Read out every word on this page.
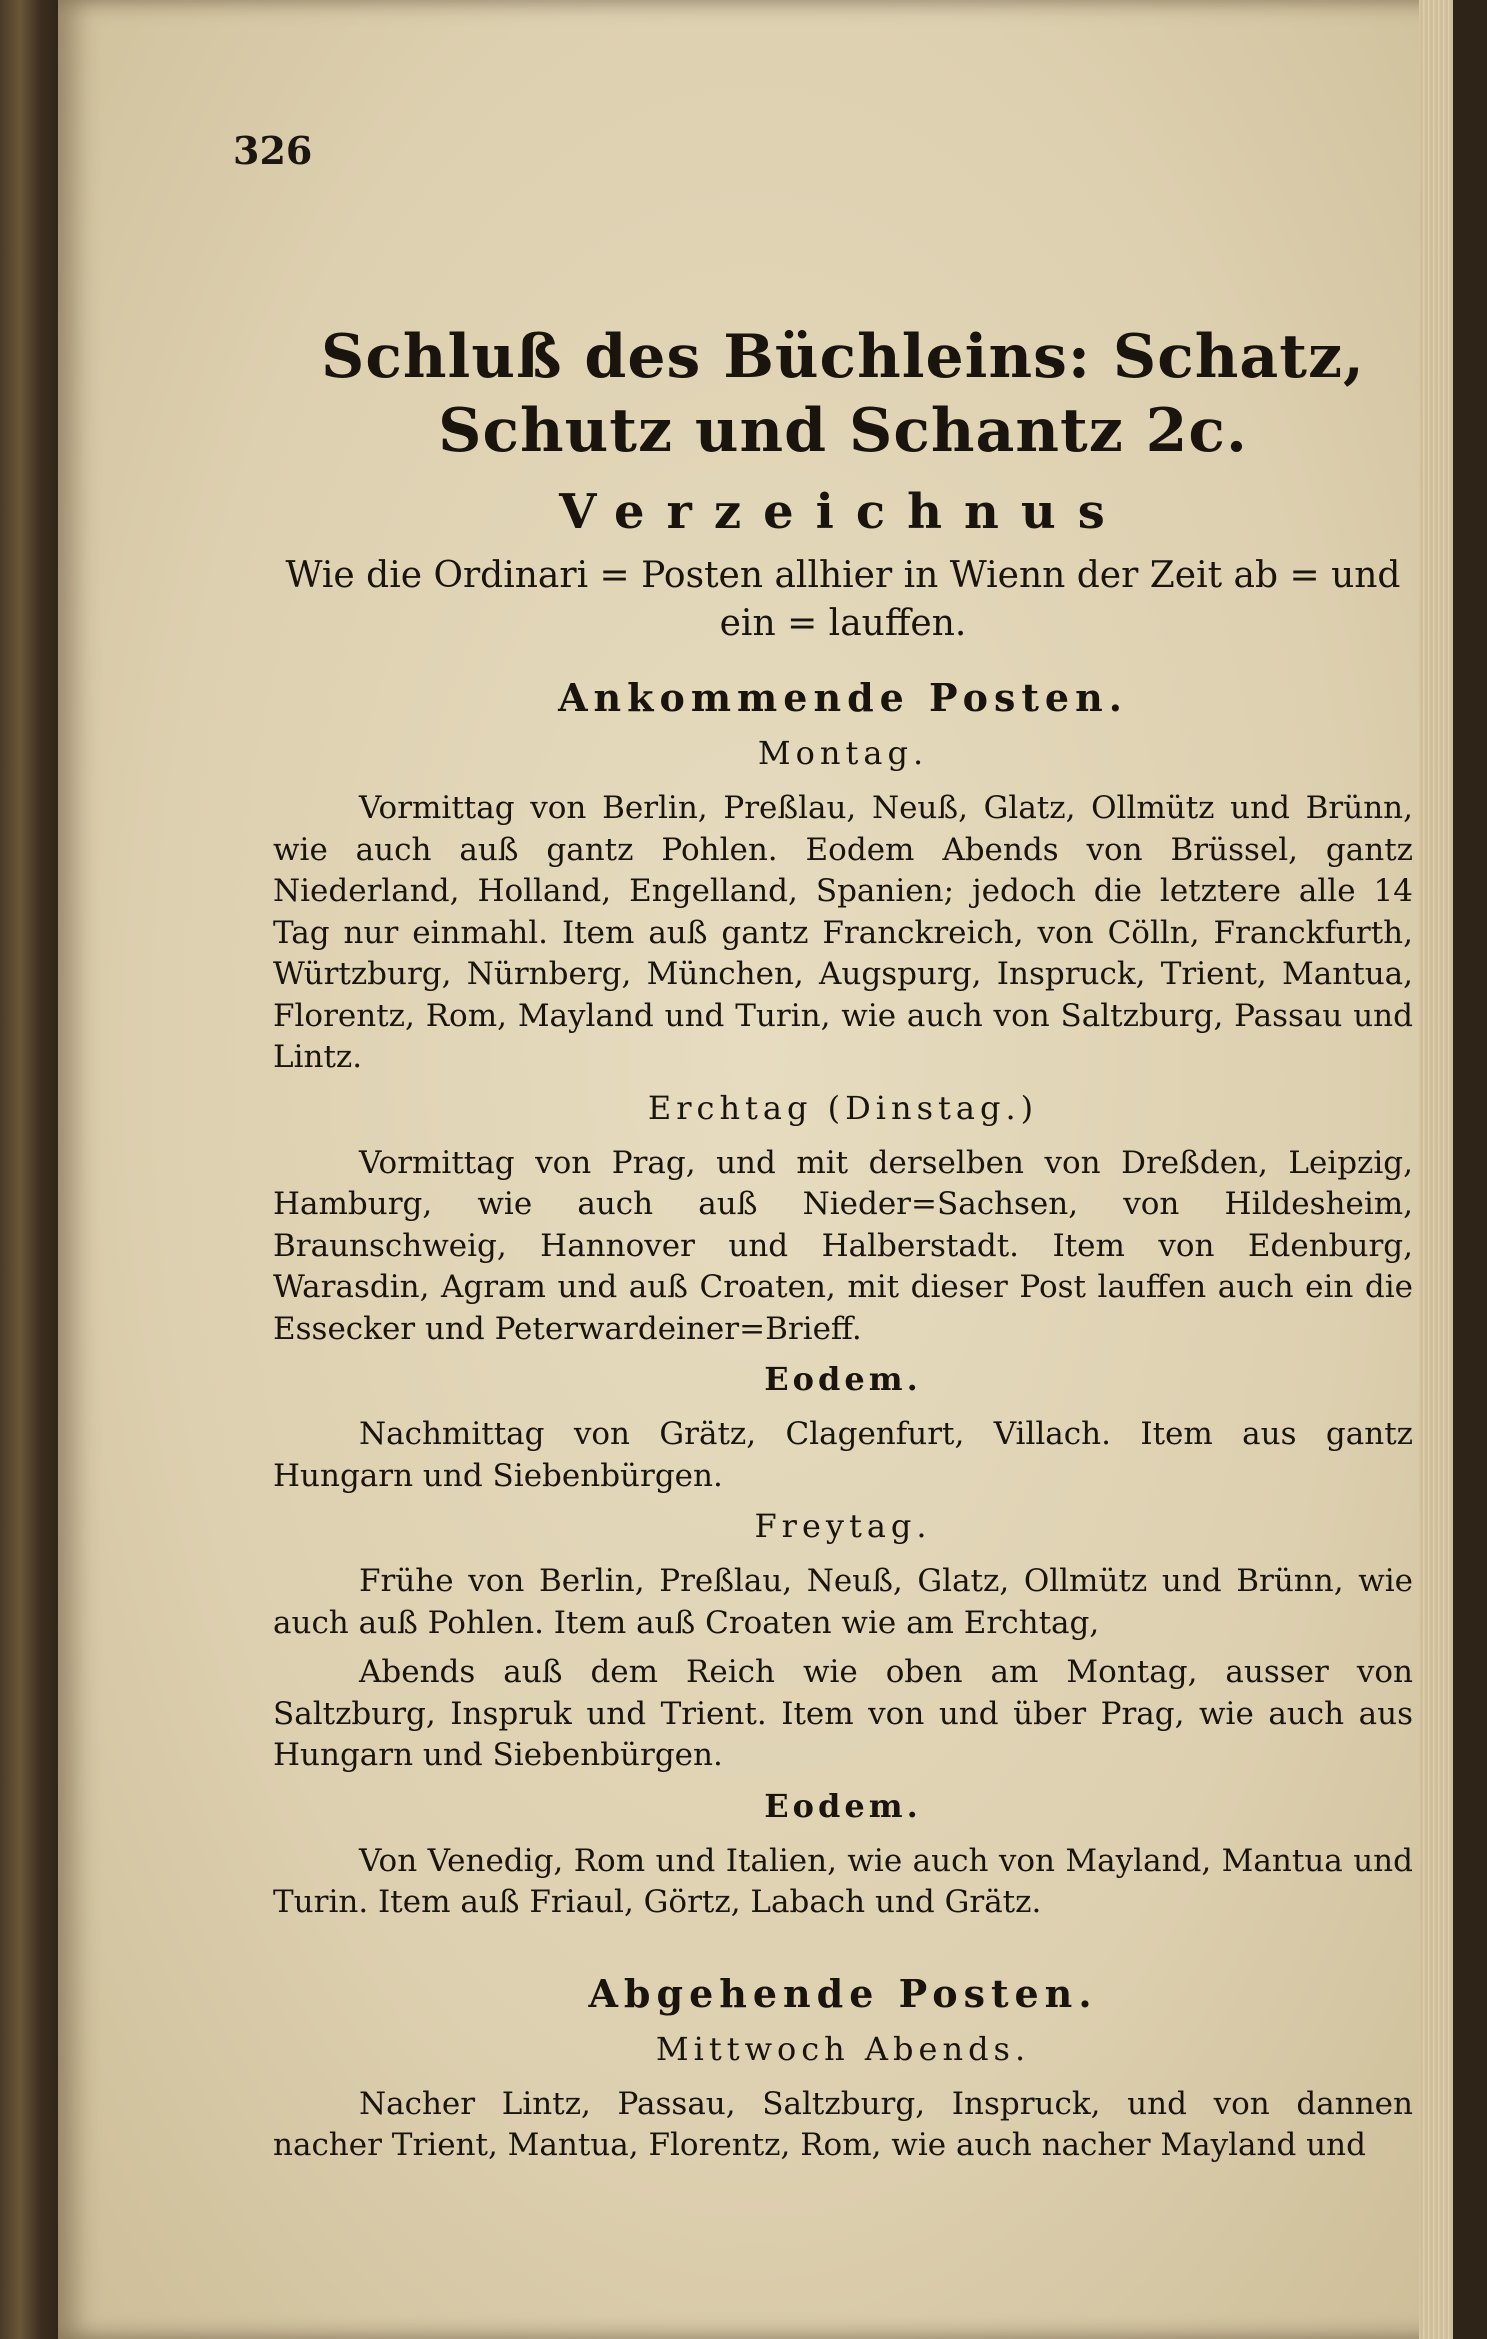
326
Schluß des Büchleins: Schatz, Schutz und Schantz 2c.
Verzeichnus
Wie die Ordinari = Posten allhier in Wienn der Zeit ab = und ein = lauffen.
Ankommende Posten.
Montag.

Vormittag von Berlin, Preßlau, Neuß, Glatz, Ollmütz und Brünn, wie auch auß gantz Pohlen. Eodem Abends von Brüssel, gantz Niederland, Holland, Engelland, Spanien; jedoch die letztere alle 14 Tag nur einmahl. Item auß gantz Franckreich, von Cölln, Franckfurth, Würtzburg, Nürnberg, München, Augspurg, Inspruck, Trient, Mantua, Florentz, Rom, Mayland und Turin, wie auch von Saltzburg, Passau und Lintz.

Erchtag (Dinstag.)

Vormittag von Prag, und mit derselben von Dreßden, Leipzig, Hamburg, wie auch auß Nieder=Sachsen, von Hildesheim, Braunschweig, Hannover und Halberstadt. Item von Edenburg, Warasdin, Agram und auß Croaten, mit dieser Post lauffen auch ein die Essecker und Peterwardeiner=Brieff.

Eodem.

Nachmittag von Grätz, Clagenfurt, Villach. Item aus gantz Hungarn und Siebenbürgen.

Freytag.

Frühe von Berlin, Preßlau, Neuß, Glatz, Ollmütz und Brünn, wie auch auß Pohlen. Item auß Croaten wie am Erchtag,

Abends auß dem Reich wie oben am Montag, ausser von Saltzburg, Inspruk und Trient. Item von und über Prag, wie auch aus Hungarn und Siebenbürgen.

Eodem.

Von Venedig, Rom und Italien, wie auch von Mayland, Mantua und Turin. Item auß Friaul, Görtz, Labach und Grätz.

Abgehende Posten.
Mittwoch Abends.

Nacher Lintz, Passau, Saltzburg, Inspruck, und von dannen nacher Trient, Mantua, Florentz, Rom, wie auch nacher Mayland und
